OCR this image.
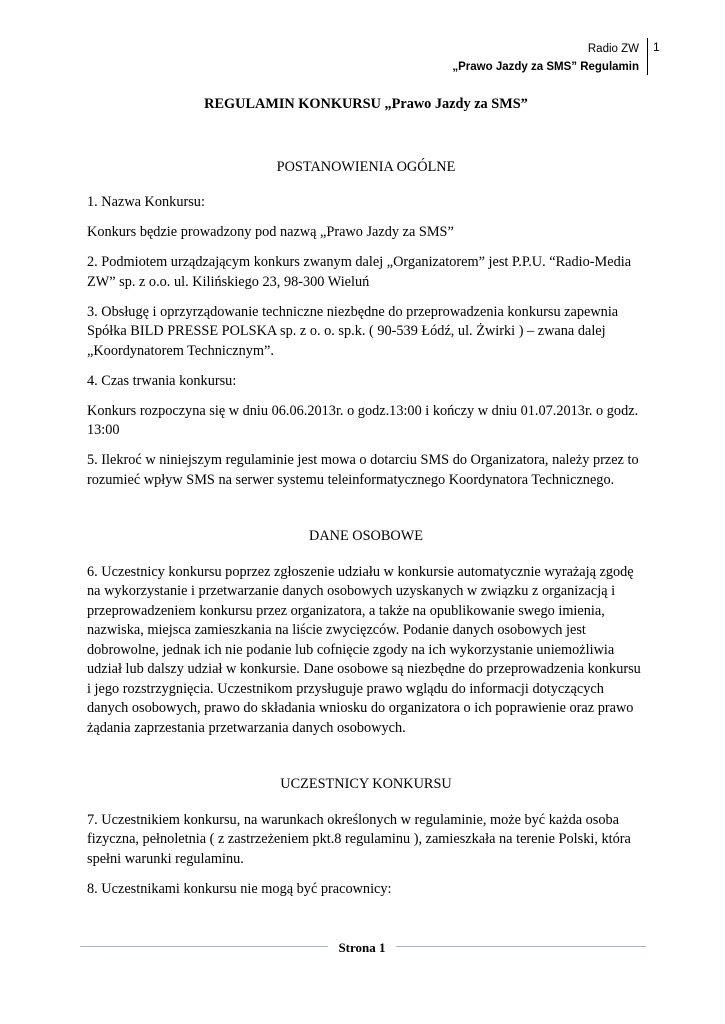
Radio ZW
„Prawo Jazdy za SMS” Regulamin
1

REGULAMIN KONKURSU „Prawo Jazdy za SMS”

POSTANOWIENIA OGÓLNE

1. Nazwa Konkursu:

Konkurs będzie prowadzony pod nazwą „Prawo Jazdy za SMS”

2. Podmiotem urządzającym konkurs zwanym dalej „Organizatorem” jest P.P.U. “Radio-Media ZW” sp. z o.o. ul. Kilińskiego 23, 98-300 Wieluń

3. Obsługę i oprzyrządowanie techniczne niezbędne do przeprowadzenia konkursu zapewnia Spółka BILD PRESSE POLSKA sp. z o. o. sp.k. ( 90-539 Łódź, ul. Żwirki ) – zwana dalej „Koordynatorem Technicznym”.

4. Czas trwania konkursu:

Konkurs rozpoczyna się w dniu 06.06.2013r. o godz.13:00 i kończy w dniu 01.07.2013r. o godz. 13:00

5. Ilekroć w niniejszym regulaminie jest mowa o dotarciu SMS do Organizatora, należy przez to rozumieć wpływ SMS na serwer systemu teleinformatycznego Koordynatora Technicznego.

DANE OSOBOWE

6. Uczestnicy konkursu poprzez zgłoszenie udziału w konkursie automatycznie wyrażają zgodę na wykorzystanie i przetwarzanie danych osobowych uzyskanych w związku z organizacją i przeprowadzeniem konkursu przez organizatora, a także na opublikowanie swego imienia, nazwiska, miejsca zamieszkania na liście zwycięzców. Podanie danych osobowych jest dobrowolne, jednak ich nie podanie lub cofnięcie zgody na ich wykorzystanie uniemożliwia udział lub dalszy udział w konkursie. Dane osobowe są niezbędne do przeprowadzenia konkursu i jego rozstrzygnięcia. Uczestnikom przysługuje prawo wglądu do informacji dotyczących danych osobowych, prawo do składania wniosku do organizatora o ich poprawienie oraz prawo żądania zaprzestania przetwarzania danych osobowych.

UCZESTNICY KONKURSU

7. Uczestnikiem konkursu, na warunkach określonych w regulaminie, może być każda osoba fizyczna, pełnoletnia ( z zastrzeżeniem pkt.8 regulaminu ), zamieszkała na terenie Polski, która spełni warunki regulaminu.

8. Uczestnikami konkursu nie mogą być pracownicy:

Strona 1
